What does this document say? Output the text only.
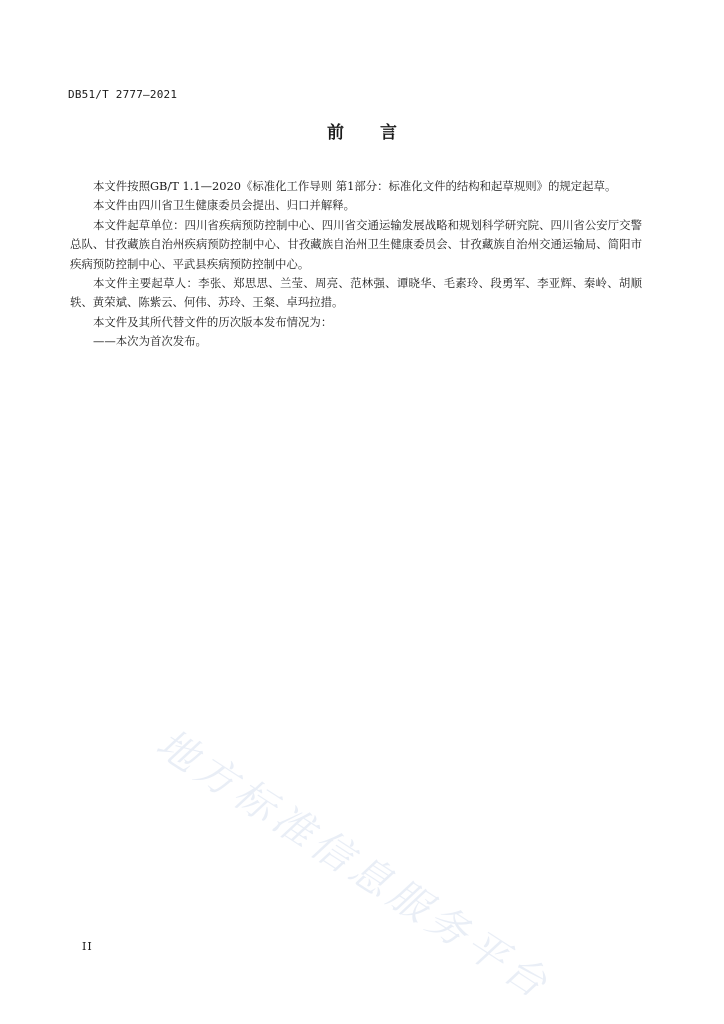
DB51/T 2777—2021
前 言

本文件按照GB/T 1.1—2020《标准化工作导则 第1部分：标准化文件的结构和起草规则》的规定起草。

本文件由四川省卫生健康委员会提出、归口并解释。

本文件起草单位：四川省疾病预防控制中心、四川省交通运输发展战略和规划科学研究院、四川省公安厅交警总队、甘孜藏族自治州疾病预防控制中心、甘孜藏族自治州卫生健康委员会、甘孜藏族自治州交通运输局、简阳市疾病预防控制中心、平武县疾病预防控制中心。

本文件主要起草人：李张、郑思思、兰莹、周亮、范林强、谭晓华、毛素玲、段勇军、李亚辉、秦岭、胡顺轶、黄荣斌、陈紫云、何伟、苏玲、王粲、卓玛拉措。

本文件及其所代替文件的历次版本发布情况为：

——本次为首次发布。

地方标准信息服务平台
II
